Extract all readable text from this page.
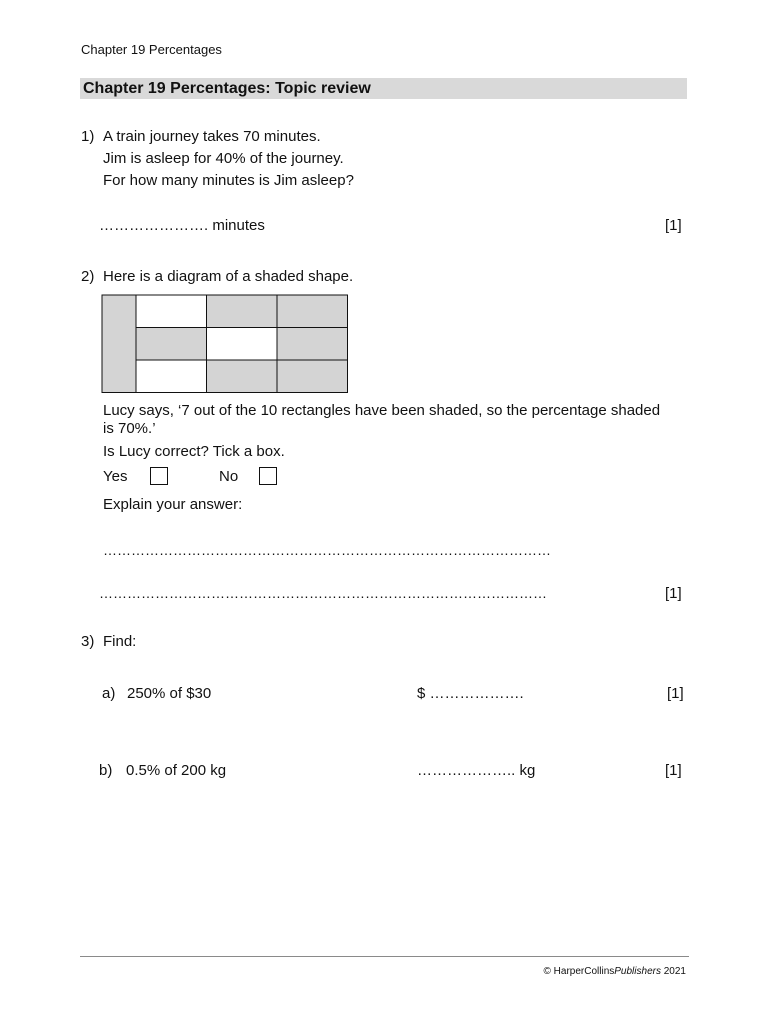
Chapter 19 Percentages
Chapter 19 Percentages: Topic review
1) A train journey takes 70 minutes.
Jim is asleep for 40% of the journey.
For how many minutes is Jim asleep?
…………………. minutes	[1]
2) Here is a diagram of a shaded shape.
Lucy says, ‘7 out of the 10 rectangles have been shaded, so the percentage shaded
is 70%.’
Is Lucy correct? Tick a box.
Yes	No
Explain your answer:
……………………………………………………………………………………
……………………………………………………………………………………	[1]
3) Find:
a) 250% of $30	$ ……………….	[1]
b) 0.5% of 200 kg	……………….. kg	[1]
© HarperCollinsPublishers 2021
